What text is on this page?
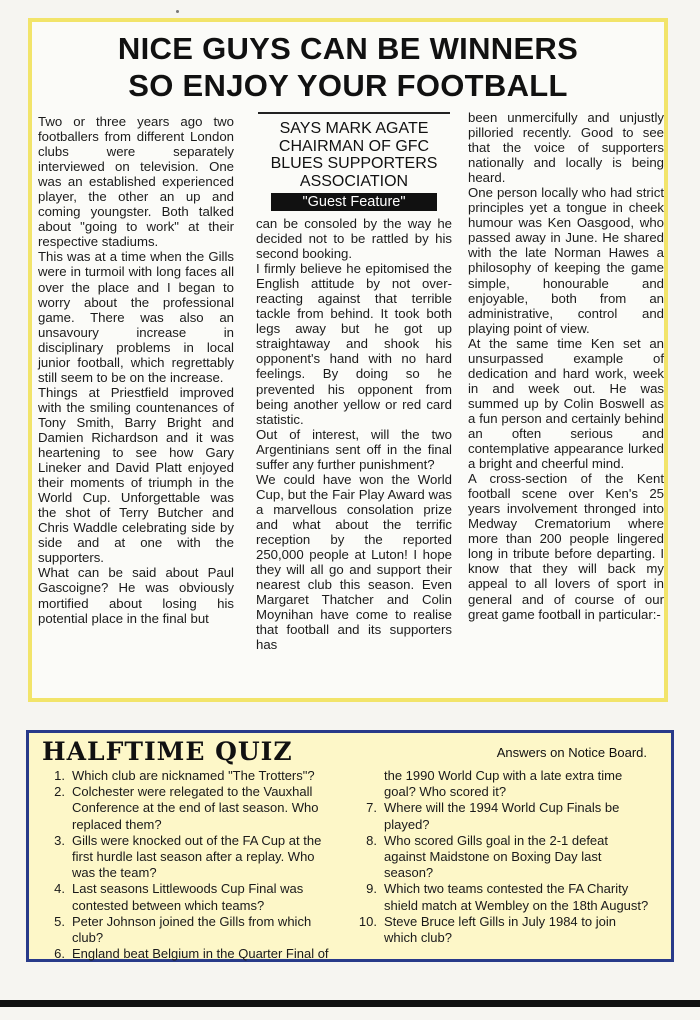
NICE GUYS CAN BE WINNERS
SO ENJOY YOUR FOOTBALL

Two or three years ago two footballers from different London clubs were separately interviewed on television. One was an established experienced player, the other an up and coming youngster. Both talked about "going to work" at their respective stadiums.

This was at a time when the Gills were in turmoil with long faces all over the place and I began to worry about the professional game. There was also an unsavoury increase in disciplinary problems in local junior football, which regrettably still seem to be on the increase.

Things at Priestfield improved with the smiling countenances of Tony Smith, Barry Bright and Damien Richardson and it was heartening to see how Gary Lineker and David Platt enjoyed their moments of triumph in the World Cup. Unforgettable was the shot of Terry Butcher and Chris Waddle celebrating side by side and at one with the supporters.

What can be said about Paul Gascoigne? He was obviously mortified about losing his potential place in the final but

SAYS MARK AGATE
CHAIRMAN OF GFC
BLUES SUPPORTERS
ASSOCIATION
"Guest Feature"

can be consoled by the way he decided not to be rattled by his second booking.

I firmly believe he epitomised the English attitude by not over-reacting against that terrible tackle from behind. It took both legs away but he got up straightaway and shook his opponent's hand with no hard feelings. By doing so he prevented his opponent from being another yellow or red card statistic.

Out of interest, will the two Argentinians sent off in the final suffer any further punishment?

We could have won the World Cup, but the Fair Play Award was a marvellous consolation prize and what about the terrific reception by the reported 250,000 people at Luton! I hope they will all go and support their nearest club this season. Even Margaret Thatcher and Colin Moynihan have come to realise that football and its supporters has

been unmercifully and unjustly pilloried recently. Good to see that the voice of supporters nationally and locally is being heard.

One person locally who had strict principles yet a tongue in cheek humour was Ken Oasgood, who passed away in June. He shared with the late Norman Hawes a philosophy of keeping the game simple, honourable and enjoyable, both from an administrative, control and playing point of view.

At the same time Ken set an unsurpassed example of dedication and hard work, week in and week out. He was summed up by Colin Boswell as a fun person and certainly behind an often serious and contemplative appearance lurked a bright and cheerful mind.

A cross-section of the Kent football scene over Ken's 25 years involvement thronged into Medway Crematorium where more than 200 people lingered long in tribute before departing. I know that they will back my appeal to all lovers of sport in general and of course of our great game football in particular:-

HALFTIME QUIZ	Answers on Notice Board.
1. Which club are nicknamed "The Trotters"?
2. Colchester were relegated to the Vauxhall Conference at the end of last season. Who replaced them?
3. Gills were knocked out of the FA Cup at the first hurdle last season after a replay. Who was the team?
4. Last seasons Littlewoods Cup Final was contested between which teams?
5. Peter Johnson joined the Gills from which club?
6. England beat Belgium in the Quarter Final of

the 1990 World Cup with a late extra time goal? Who scored it?

7. Where will the 1994 World Cup Finals be played?
8. Who scored Gills goal in the 2-1 defeat against Maidstone on Boxing Day last season?
9. Which two teams contested the FA Charity shield match at Wembley on the 18th August?
10. Steve Bruce left Gills in July 1984 to join which club?
